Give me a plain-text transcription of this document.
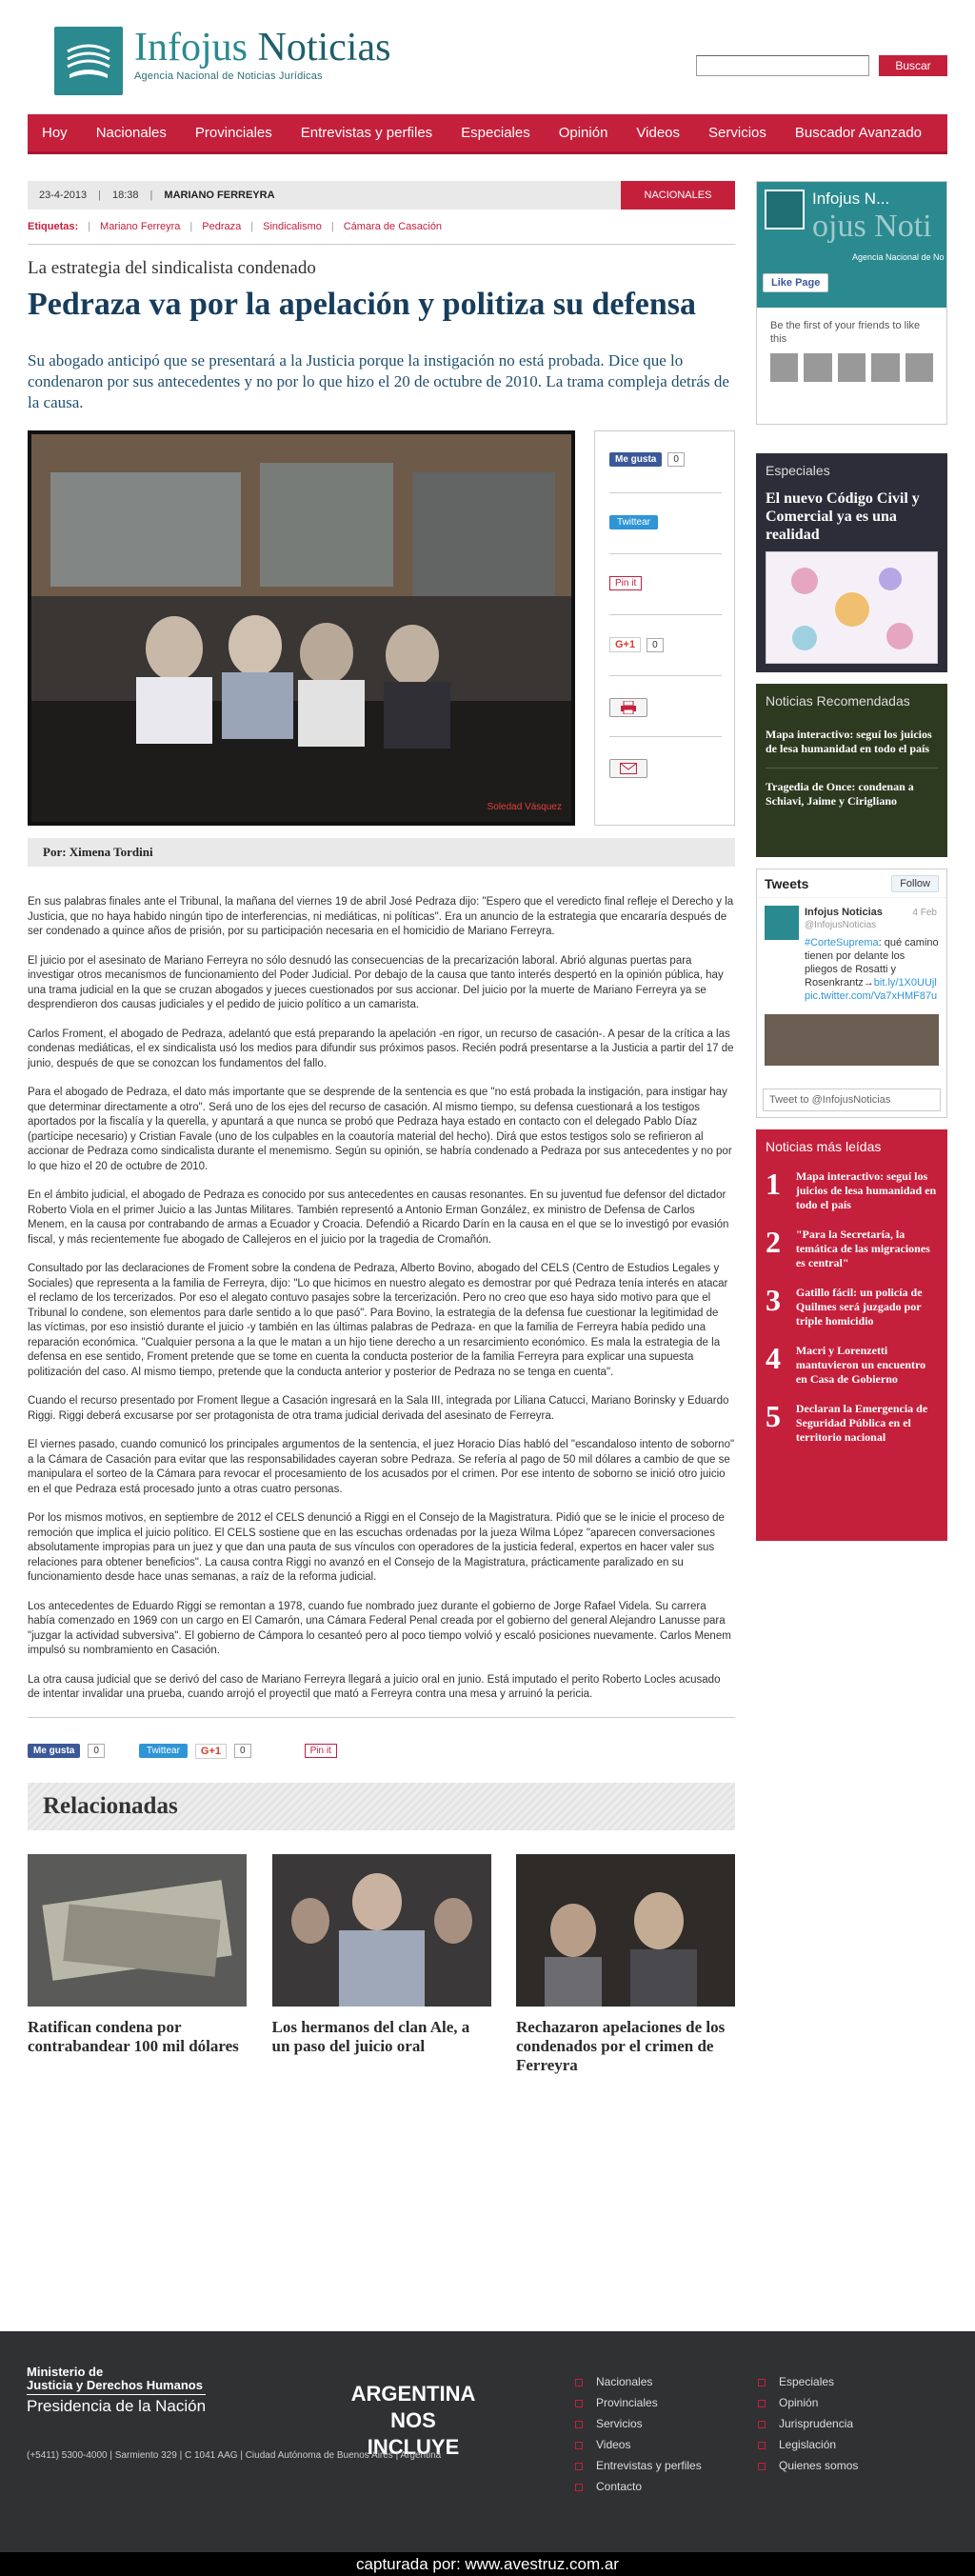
Infojus Noticias
Agencia Nacional de Noticias Jurídicas
Buscar
Hoy	Nacionales	Provinciales	Entrevistas y perfiles	Especiales	Opinión	Videos	Servicios	Buscador Avanzado
23-4-2013	|	18:38	|	MARIANO FERREYRA	NACIONALES
Etiquetas: | Mariano Ferreyra | Pedraza | Sindicalismo | Cámara de Casación
La estrategia del sindicalista condenado
Pedraza va por la apelación y politiza su defensa
Su abogado anticipó que se presentará a la Justicia porque la instigación no está probada. Dice que lo condenaron por sus antecedentes y no por lo que hizo el 20 de octubre de 2010. La trama compleja detrás de la causa.
Soledad Vásquez
Me gusta	0
Twittear
Pin it
G+1	0
Por: Ximena Tordini

En sus palabras finales ante el Tribunal, la mañana del viernes 19 de abril José Pedraza dijo: "Espero que el veredicto final refleje el Derecho y la Justicia, que no haya habido ningún tipo de interferencias, ni mediáticas, ni políticas". Era un anuncio de la estrategia que encararía después de ser condenado a quince años de prisión, por su participación necesaria en el homicidio de Mariano Ferreyra.

El juicio por el asesinato de Mariano Ferreyra no sólo desnudó las consecuencias de la precarización laboral. Abrió algunas puertas para investigar otros mecanismos de funcionamiento del Poder Judicial. Por debajo de la causa que tanto interés despertó en la opinión pública, hay una trama judicial en la que se cruzan abogados y jueces cuestionados por sus accionar. Del juicio por la muerte de Mariano Ferreyra ya se desprendieron dos causas judiciales y el pedido de juicio político a un camarista.

Carlos Froment, el abogado de Pedraza, adelantó que está preparando la apelación -en rigor, un recurso de casación-. A pesar de la crítica a las condenas mediáticas, el ex sindicalista usó los medios para difundir sus próximos pasos. Recién podrá presentarse a la Justicia a partir del 17 de junio, después de que se conozcan los fundamentos del fallo.

Para el abogado de Pedraza, el dato más importante que se desprende de la sentencia es que "no está probada la instigación, para instigar hay que determinar directamente a otro". Será uno de los ejes del recurso de casación. Al mismo tiempo, su defensa cuestionará a los testigos aportados por la fiscalía y la querella, y apuntará a que nunca se probó que Pedraza haya estado en contacto con el delegado Pablo Díaz (partícipe necesario) y Cristian Favale (uno de los culpables en la coautoría material del hecho). Dirá que estos testigos solo se refirieron al accionar de Pedraza como sindicalista durante el menemismo. Según su opinión, se habría condenado a Pedraza por sus antecedentes y no por lo que hizo el 20 de octubre de 2010.

En el ámbito judicial, el abogado de Pedraza es conocido por sus antecedentes en causas resonantes. En su juventud fue defensor del dictador Roberto Viola en el primer Juicio a las Juntas Militares. También representó a Antonio Erman González, ex ministro de Defensa de Carlos Menem, en la causa por contrabando de armas a Ecuador y Croacia. Defendió a Ricardo Darín en la causa en el que se lo investigó por evasión fiscal, y más recientemente fue abogado de Callejeros en el juicio por la tragedia de Cromañón.

Consultado por las declaraciones de Froment sobre la condena de Pedraza, Alberto Bovino, abogado del CELS (Centro de Estudios Legales y Sociales) que representa a la familia de Ferreyra, dijo: "Lo que hicimos en nuestro alegato es demostrar por qué Pedraza tenía interés en atacar el reclamo de los tercerizados. Por eso el alegato contuvo pasajes sobre la tercerización. Pero no creo que eso haya sido motivo para que el Tribunal lo condene, son elementos para darle sentido a lo que pasó". Para Bovino, la estrategia de la defensa fue cuestionar la legitimidad de las víctimas, por eso insistió durante el juicio -y también en las últimas palabras de Pedraza- en que la familia de Ferreyra había pedido una reparación económica. "Cualquier persona a la que le matan a un hijo tiene derecho a un resarcimiento económico. Es mala la estrategia de la defensa en ese sentido, Froment pretende que se tome en cuenta la conducta posterior de la familia Ferreyra para explicar una supuesta politización del caso. Al mismo tiempo, pretende que la conducta anterior y posterior de Pedraza no se tenga en cuenta".

Cuando el recurso presentado por Froment llegue a Casación ingresará en la Sala III, integrada por Liliana Catucci, Mariano Borinsky y Eduardo Riggi. Riggi deberá excusarse por ser protagonista de otra trama judicial derivada del asesinato de Ferreyra.

El viernes pasado, cuando comunicó los principales argumentos de la sentencia, el juez Horacio Días habló del "escandaloso intento de soborno" a la Cámara de Casación para evitar que las responsabilidades cayeran sobre Pedraza. Se refería al pago de 50 mil dólares a cambio de que se manipulara el sorteo de la Cámara para revocar el procesamiento de los acusados por el crimen. Por ese intento de soborno se inició otro juicio en el que Pedraza está procesado junto a otras cuatro personas.

Por los mismos motivos, en septiembre de 2012 el CELS denunció a Riggi en el Consejo de la Magistratura. Pidió que se le inicie el proceso de remoción que implica el juicio político. El CELS sostiene que en las escuchas ordenadas por la jueza Wilma López "aparecen conversaciones absolutamente impropias para un juez y que dan una pauta de sus vínculos con operadores de la justicia federal, expertos en hacer valer sus relaciones para obtener beneficios". La causa contra Riggi no avanzó en el Consejo de la Magistratura, prácticamente paralizado en su funcionamiento desde hace unas semanas, a raíz de la reforma judicial.

Los antecedentes de Eduardo Riggi se remontan a 1978, cuando fue nombrado juez durante el gobierno de Jorge Rafael Videla. Su carrera había comenzado en 1969 con un cargo en El Camarón, una Cámara Federal Penal creada por el gobierno del general Alejandro Lanusse para "juzgar la actividad subversiva". El gobierno de Cámpora lo cesanteó pero al poco tiempo volvió y escaló posiciones nuevamente. Carlos Menem impulsó su nombramiento en Casación.

La otra causa judicial que se derivó del caso de Mariano Ferreyra llegará a juicio oral en junio. Está imputado el perito Roberto Locles acusado de intentar invalidar una prueba, cuando arrojó el proyectil que mató a Ferreyra contra una mesa y arruinó la pericia.

Me gusta	0	Twittear	G+1	0	Pin it
Relacionadas
Ratifican condena por contrabandear 100 mil dólares
Los hermanos del clan Ale, a un paso del juicio oral
Rechazaron apelaciones de los condenados por el crimen de Ferreyra
Infojus N...
ojus Noti
Agencia Nacional de No
Like Page
Be the first of your friends to like this
Especiales
El nuevo Código Civil y Comercial ya es una realidad
Noticias Recomendadas
Mapa interactivo: seguí los juicios de lesa humanidad en todo el país
Tragedia de Once: condenan a Schiavi, Jaime y Cirigliano
Tweets	Follow
4 Feb
Infojus Noticias
@InfojusNoticias
#CorteSuprema: qué camino tienen por delante los pliegos de Rosatti y Rosenkrantz→bit.ly/1X0UUjl
pic.twitter.com/Va7xHMF87u
Tweet to @InfojusNoticias
Noticias más leídas
1	Mapa interactivo: seguí los juicios de lesa humanidad en todo el país
2	"Para la Secretaría, la temática de las migraciones es central"
3	Gatillo fácil: un policía de Quilmes será juzgado por triple homicidio
4	Macri y Lorenzetti mantuvieron un encuentro en Casa de Gobierno
5	Declaran la Emergencia de Seguridad Pública en el territorio nacional
Ministerio de
Justicia y Derechos Humanos
Presidencia de la Nación
ARGENTINA
NOS INCLUYE
(+5411) 5300-4000 | Sarmiento 329 | C 1041 AAG | Ciudad Autónoma de Buenos Aires | Argentina
Nacionales
Provinciales
Servicios
Videos
Entrevistas y perfiles
Contacto
Especiales
Opinión
Jurisprudencia
Legislación
Quienes somos
capturada por: www.avestruz.com.ar
